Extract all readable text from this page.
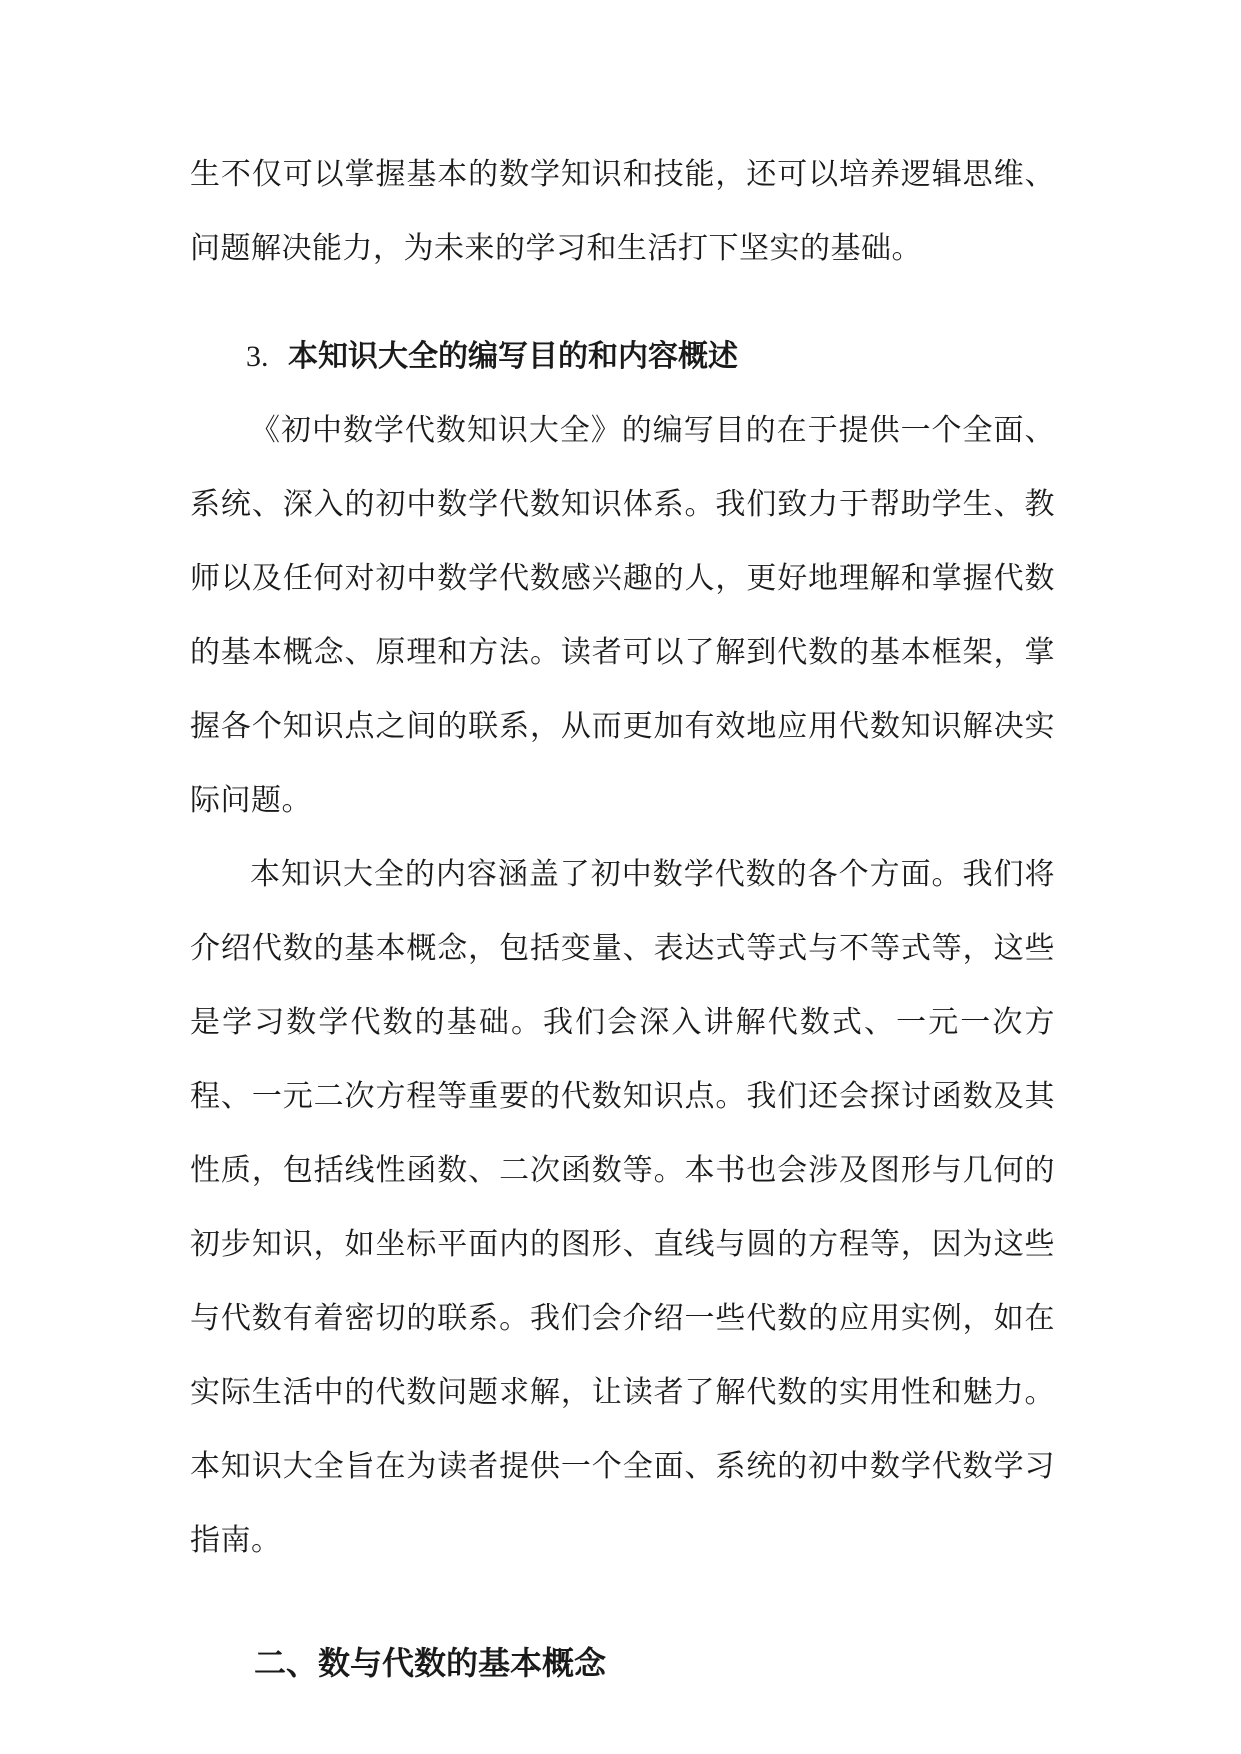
生不仅可以掌握基本的数学知识和技能，还可以培养逻辑思维、问题解决能力，为未来的学习和生活打下坚实的基础。

3. 本知识大全的编写目的和内容概述

《初中数学代数知识大全》的编写目的在于提供一个全面、系统、深入的初中数学代数知识体系。我们致力于帮助学生、教师以及任何对初中数学代数感兴趣的人，更好地理解和掌握代数的基本概念、原理和方法。读者可以了解到代数的基本框架，掌握各个知识点之间的联系，从而更加有效地应用代数知识解决实际问题。

本知识大全的内容涵盖了初中数学代数的各个方面。我们将介绍代数的基本概念，包括变量、表达式等式与不等式等，这些是学习数学代数的基础。我们会深入讲解代数式、一元一次方程、一元二次方程等重要的代数知识点。我们还会探讨函数及其性质，包括线性函数、二次函数等。本书也会涉及图形与几何的初步知识，如坐标平面内的图形、直线与圆的方程等，因为这些与代数有着密切的联系。我们会介绍一些代数的应用实例，如在实际生活中的代数问题求解，让读者了解代数的实用性和魅力。本知识大全旨在为读者提供一个全面、系统的初中数学代数学习指南。

二、数与代数的基本概念
